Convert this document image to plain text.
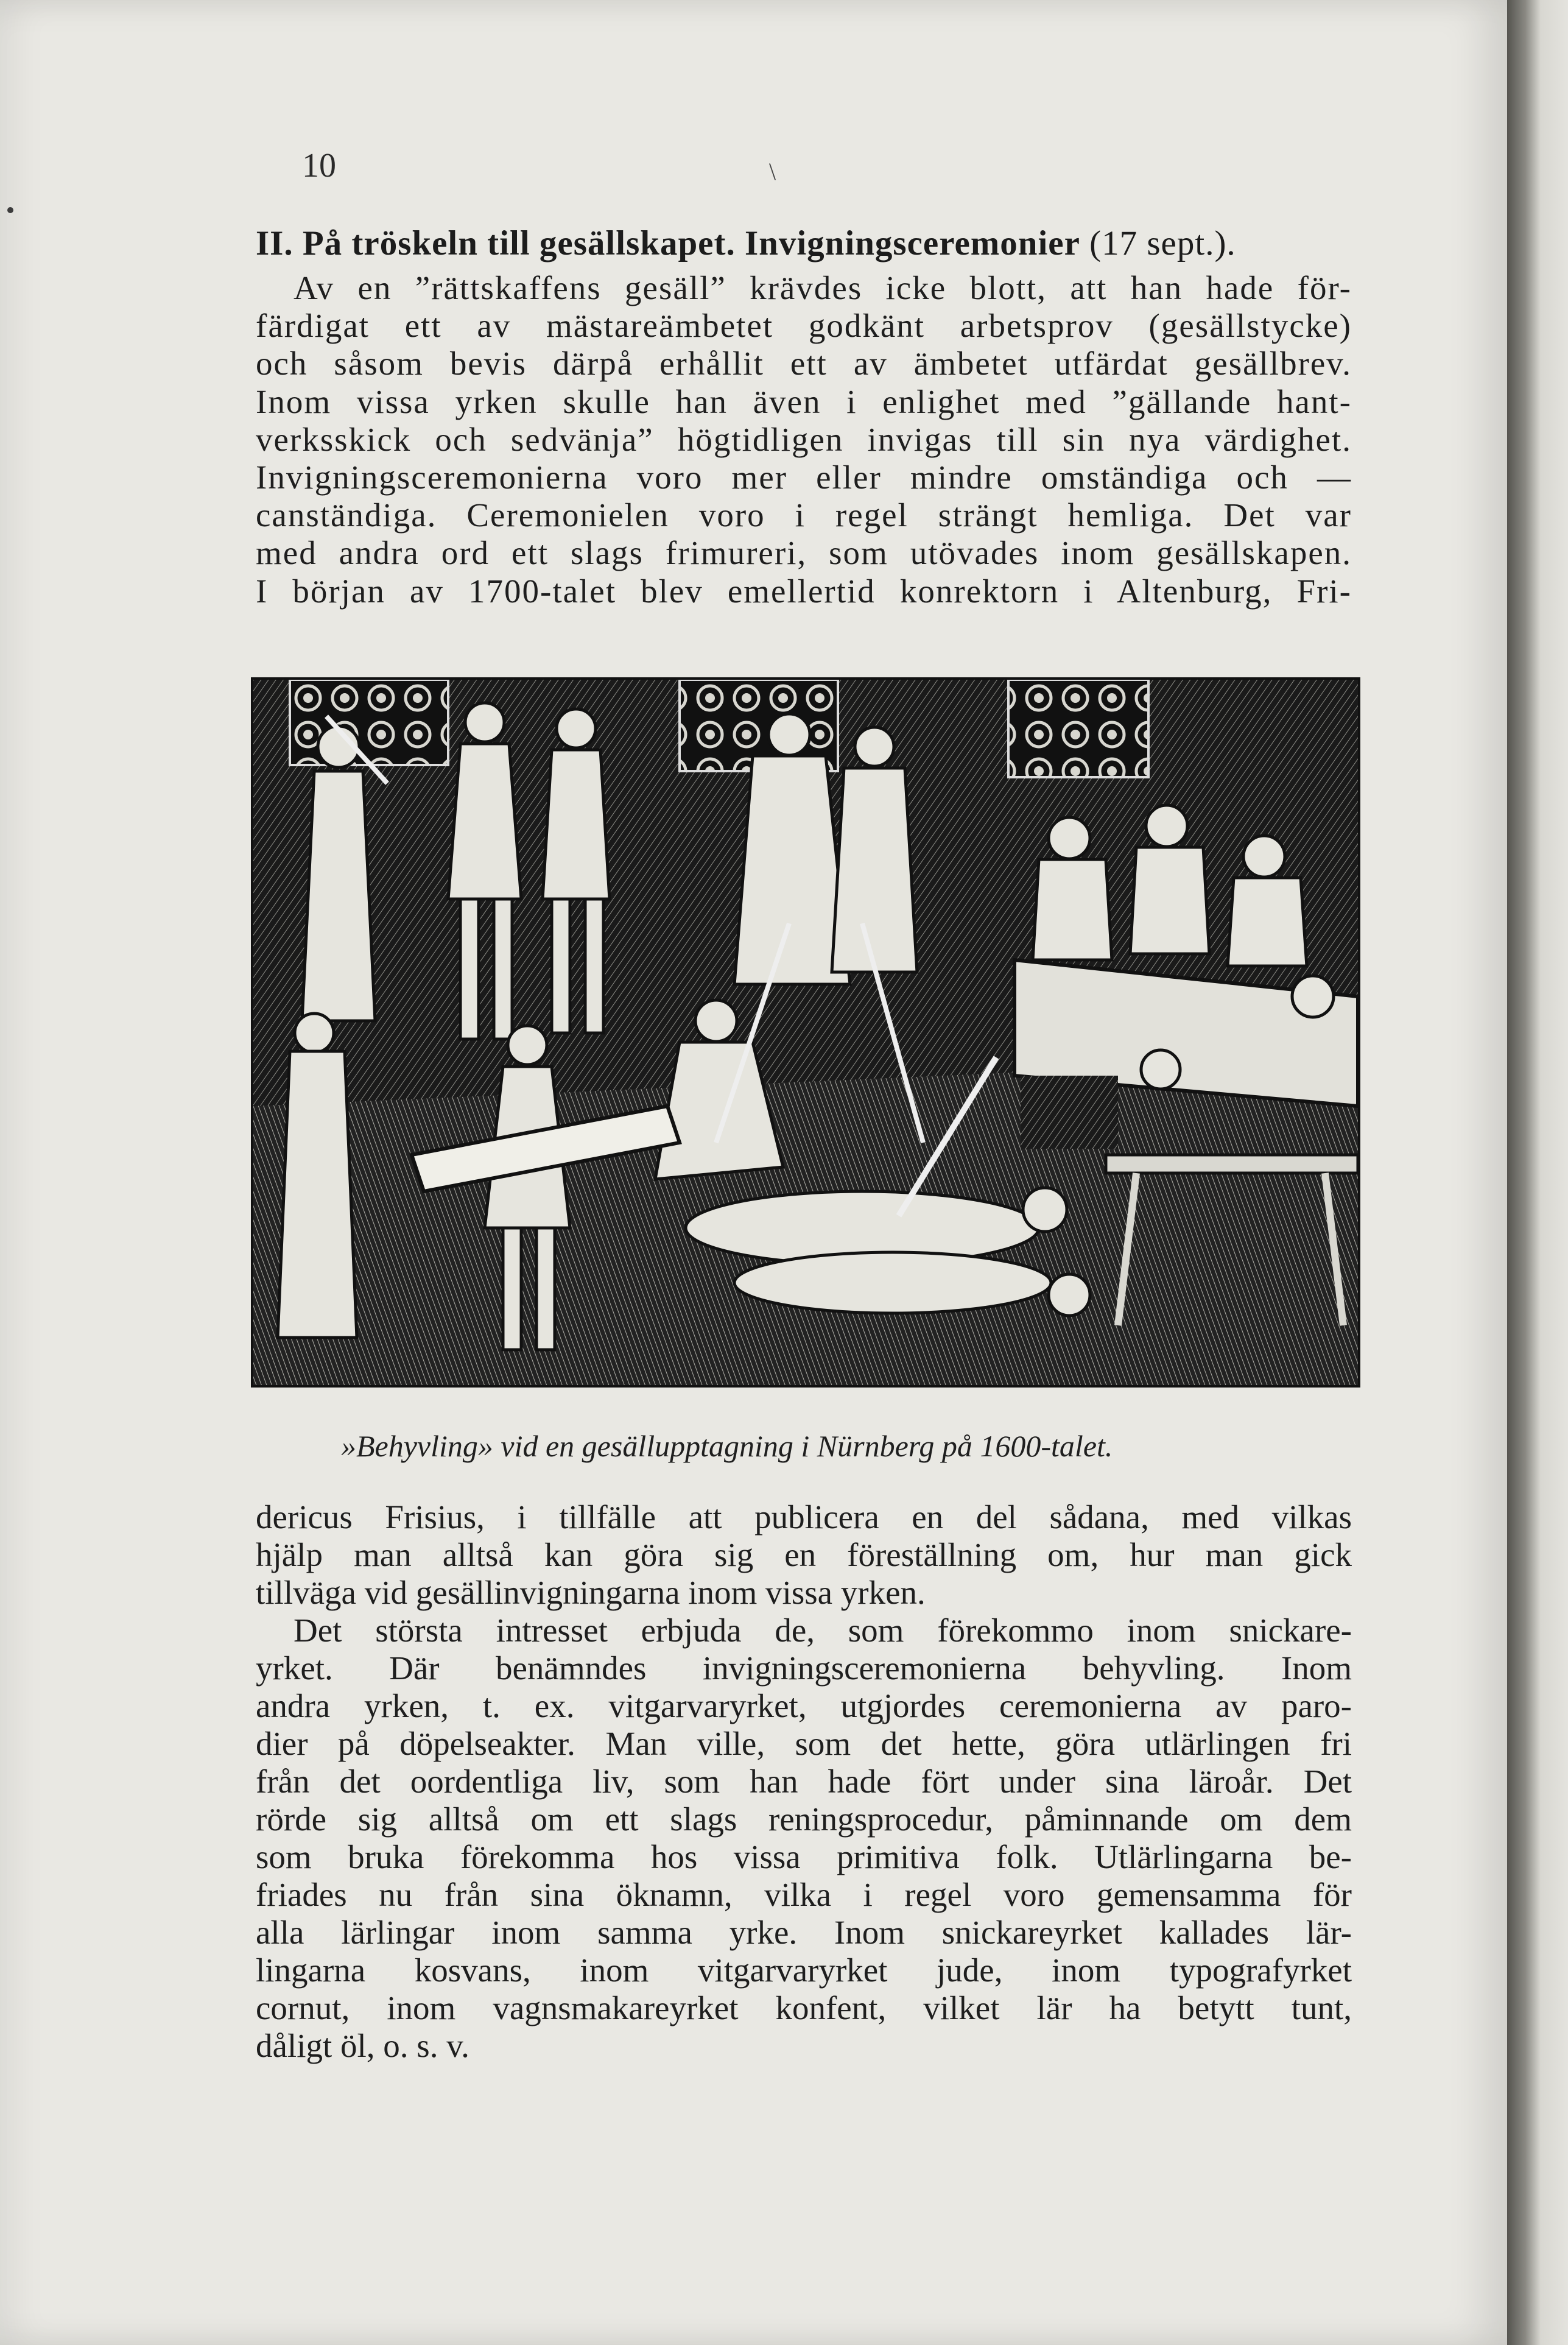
\
10
II. På tröskeln till gesällskapet. Invigningsceremonier (17 sept.).
Av en ”rättskaffens gesäll” krävdes icke blott, att han hade för-
färdigat ett av mästareämbetet godkänt arbetsprov (gesällstycke)
och såsom bevis därpå erhållit ett av ämbetet utfärdat gesällbrev.
Inom vissa yrken skulle han även i enlighet med ”gällande hant-
verksskick och sedvänja” högtidligen invigas till sin nya värdighet.
Invigningsceremonierna voro mer eller mindre omständiga och —
canständiga. Ceremonielen voro i regel strängt hemliga. Det var
med andra ord ett slags frimureri, som utövades inom gesällskapen.
I början av 1700-talet blev emellertid konrektorn i Altenburg, Fri-
»Behyvling» vid en gesällupptagning i Nürnberg på 1600-talet.
dericus Frisius, i tillfälle att publicera en del sådana, med vilkas
hjälp man alltså kan göra sig en föreställning om, hur man gick
tillväga vid gesällinvigningarna inom vissa yrken.
Det största intresset erbjuda de, som förekommo inom snickare-
yrket. Där benämndes invigningsceremonierna behyvling. Inom
andra yrken, t. ex. vitgarvaryrket, utgjordes ceremonierna av paro-
dier på döpelseakter. Man ville, som det hette, göra utlärlingen fri
från det oordentliga liv, som han hade fört under sina läroår. Det
rörde sig alltså om ett slags reningsprocedur, påminnande om dem
som bruka förekomma hos vissa primitiva folk. Utlärlingarna be-
friades nu från sina öknamn, vilka i regel voro gemensamma för
alla lärlingar inom samma yrke. Inom snickareyrket kallades lär-
lingarna kosvans, inom vitgarvaryrket jude, inom typografyrket
cornut, inom vagnsmakareyrket konfent, vilket lär ha betytt tunt,
dåligt öl, o. s. v.
